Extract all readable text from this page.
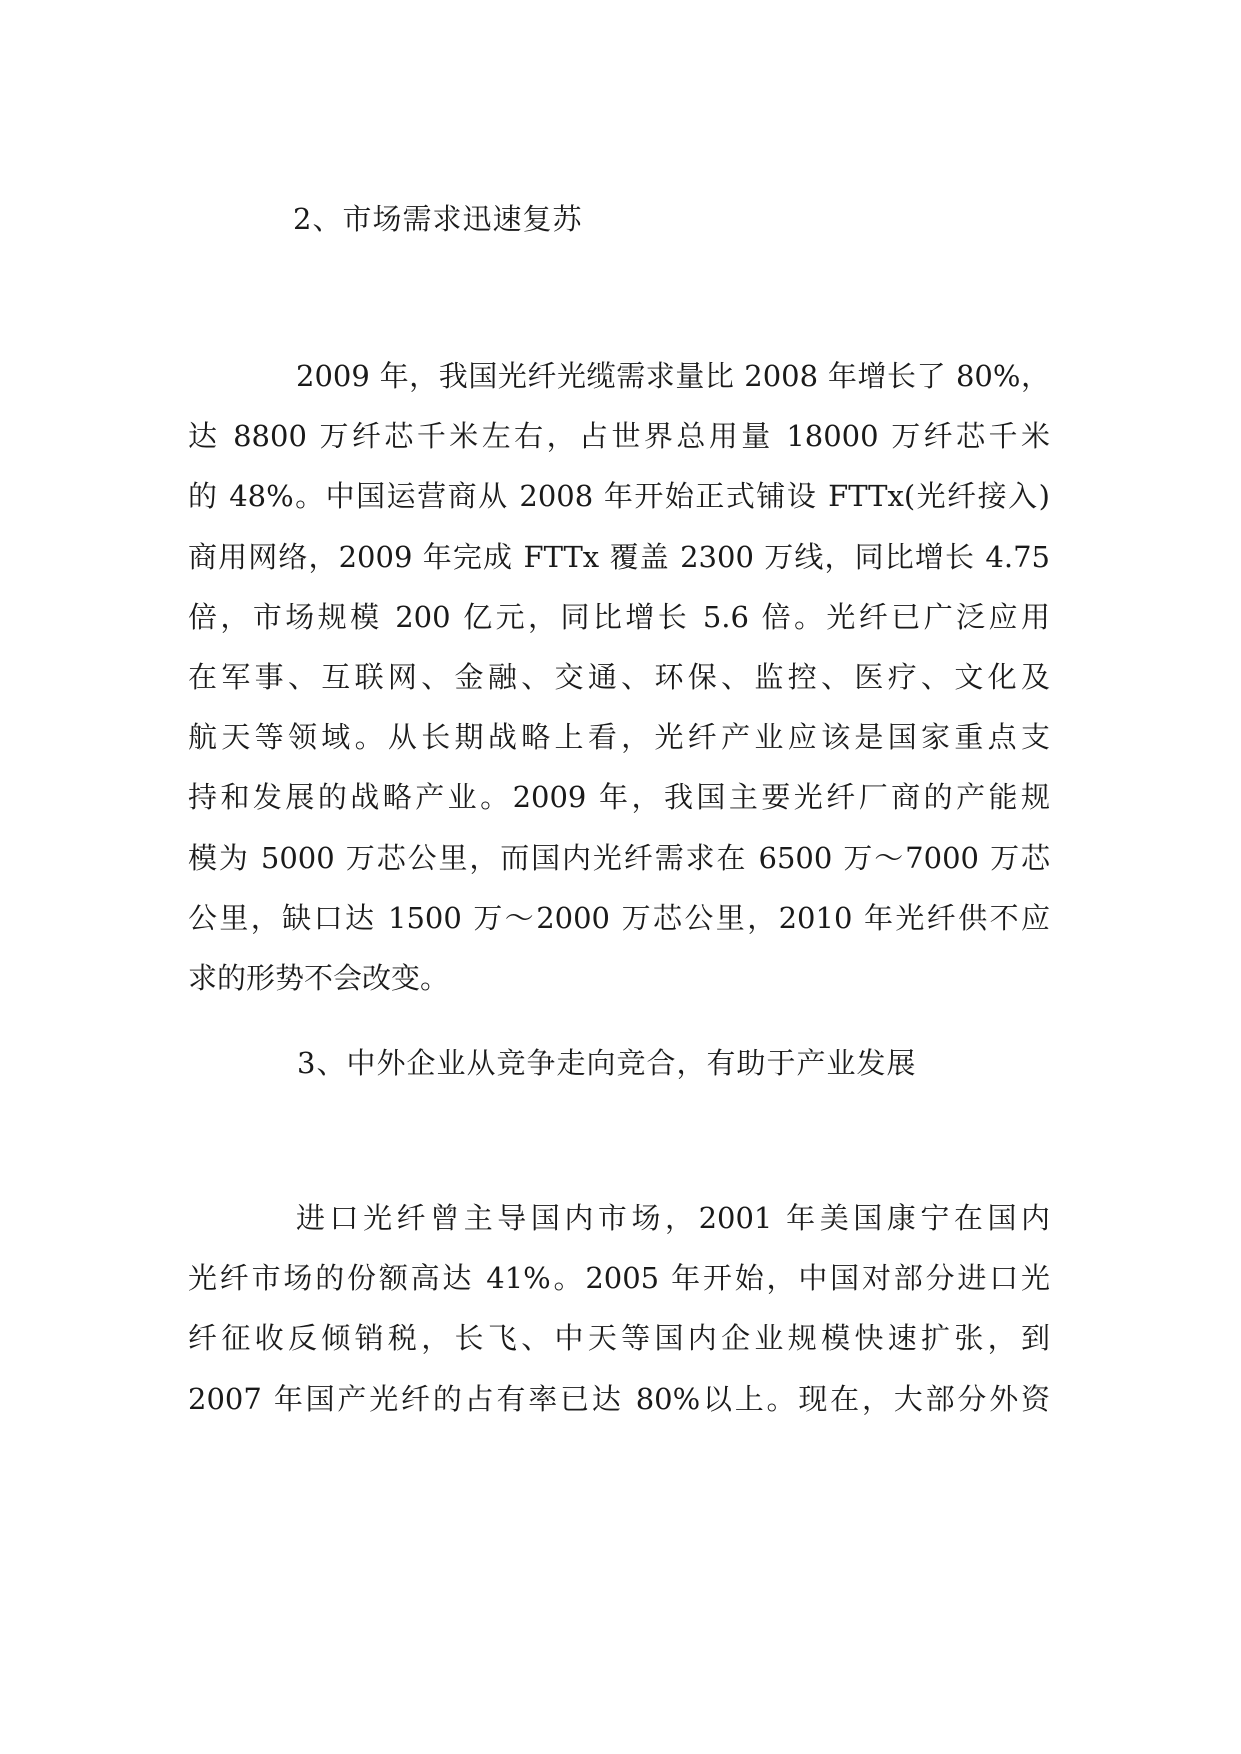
2、市场需求迅速复苏
2009 年，我国光纤光缆需求量比 2008 年增长了 80%，
达 8800 万纤芯千米左右，占世界总用量 18000 万纤芯千米
的 48%。中国运营商从 2008 年开始正式铺设 FTTx(光纤接入)
商用网络，2009 年完成 FTTx 覆盖 2300 万线，同比增长 4.75
倍，市场规模 200 亿元，同比增长 5.6 倍。光纤已广泛应用
在军事、互联网、金融、交通、环保、监控、医疗、文化及
航天等领域。从长期战略上看，光纤产业应该是国家重点支
持和发展的战略产业。2009 年，我国主要光纤厂商的产能规
模为 5000 万芯公里，而国内光纤需求在 6500 万～7000 万芯
公里，缺口达 1500 万～2000 万芯公里，2010 年光纤供不应
求的形势不会改变。
3、中外企业从竞争走向竞合，有助于产业发展
进口光纤曾主导国内市场，2001 年美国康宁在国内
光纤市场的份额高达 41%。2005 年开始，中国对部分进口光
纤征收反倾销税，长飞、中天等国内企业规模快速扩张，到
2007 年国产光纤的占有率已达 80%以上。现在，大部分外资
